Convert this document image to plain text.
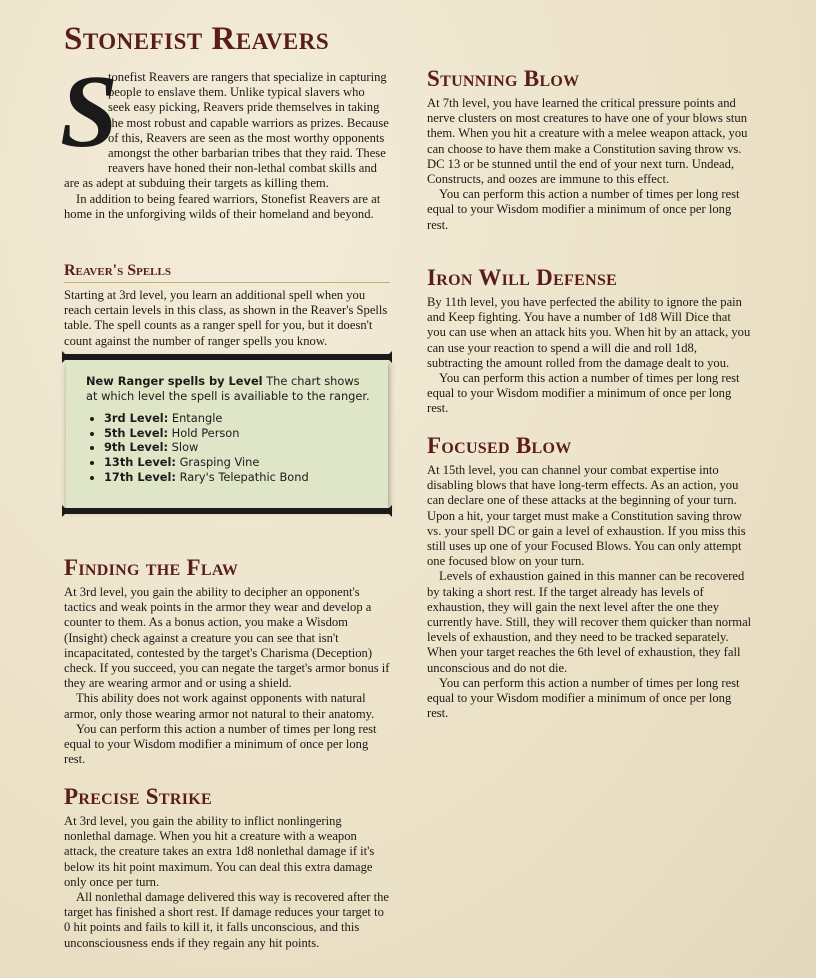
Stonefist Reavers
S

tonefist Reavers are rangers that specialize in capturing people to enslave them. Unlike typical slavers who seek easy picking, Reavers pride themselves in taking the most robust and capable warriors as prizes. Because of this, Reavers are seen as the most worthy opponents amongst the other barbarian tribes that they raid. These reavers have honed their non-lethal combat skills and are as adept at subduing their targets as killing them.

In addition to being feared warriors, Stonefist Reavers are at home in the unforgiving wilds of their homeland and beyond.

Reaver's Spells

Starting at 3rd level, you learn an additional spell when you reach certain levels in this class, as shown in the Reaver's Spells table. The spell counts as a ranger spell for you, but it doesn't count against the number of ranger spells you know.

New Ranger spells by Level The chart shows at which level the spell is availiable to the ranger.
• 3rd Level: Entangle
• 5th Level: Hold Person
• 9th Level: Slow
• 13th Level: Grasping Vine
• 17th Level: Rary's Telepathic Bond
Finding the Flaw

At 3rd level, you gain the ability to decipher an opponent's tactics and weak points in the armor they wear and develop a counter to them. As a bonus action, you make a Wisdom (Insight) check against a creature you can see that isn't incapacitated, contested by the target's Charisma (Deception) check. If you succeed, you can negate the target's armor bonus if they are wearing armor and or using a shield.

This ability does not work against opponents with natural armor, only those wearing armor not natural to their anatomy.

You can perform this action a number of times per long rest equal to your Wisdom modifier a minimum of once per long rest.

Precise Strike

At 3rd level, you gain the ability to inflict nonlingering nonlethal damage. When you hit a creature with a weapon attack, the creature takes an extra 1d8 nonlethal damage if it's below its hit point maximum. You can deal this extra damage only once per turn.

All nonlethal damage delivered this way is recovered after the target has finished a short rest. If damage reduces your target to 0 hit points and fails to kill it, it falls unconscious, and this unconsciousness ends if they regain any hit points.

Stunning Blow

At 7th level, you have learned the critical pressure points and nerve clusters on most creatures to have one of your blows stun them. When you hit a creature with a melee weapon attack, you can choose to have them make a Constitution saving throw vs. DC 13 or be stunned until the end of your next turn. Undead, Constructs, and oozes are immune to this effect.

You can perform this action a number of times per long rest equal to your Wisdom modifier a minimum of once per long rest.

Iron Will Defense

By 11th level, you have perfected the ability to ignore the pain and Keep fighting. You have a number of 1d8 Will Dice that you can use when an attack hits you. When hit by an attack, you can use your reaction to spend a will die and roll 1d8, subtracting the amount rolled from the damage dealt to you.

You can perform this action a number of times per long rest equal to your Wisdom modifier a minimum of once per long rest.

Focused Blow

At 15th level, you can channel your combat expertise into disabling blows that have long-term effects. As an action, you can declare one of these attacks at the beginning of your turn. Upon a hit, your target must make a Constitution saving throw vs. your spell DC or gain a level of exhaustion. If you miss this still uses up one of your Focused Blows. You can only attempt one focused blow on your turn.

Levels of exhaustion gained in this manner can be recovered by taking a short rest. If the target already has levels of exhaustion, they will gain the next level after the one they currently have. Still, they will recover them quicker than normal levels of exhaustion, and they need to be tracked separately. When your target reaches the 6th level of exhaustion, they fall unconscious and do not die.

You can perform this action a number of times per long rest equal to your Wisdom modifier a minimum of once per long rest.
